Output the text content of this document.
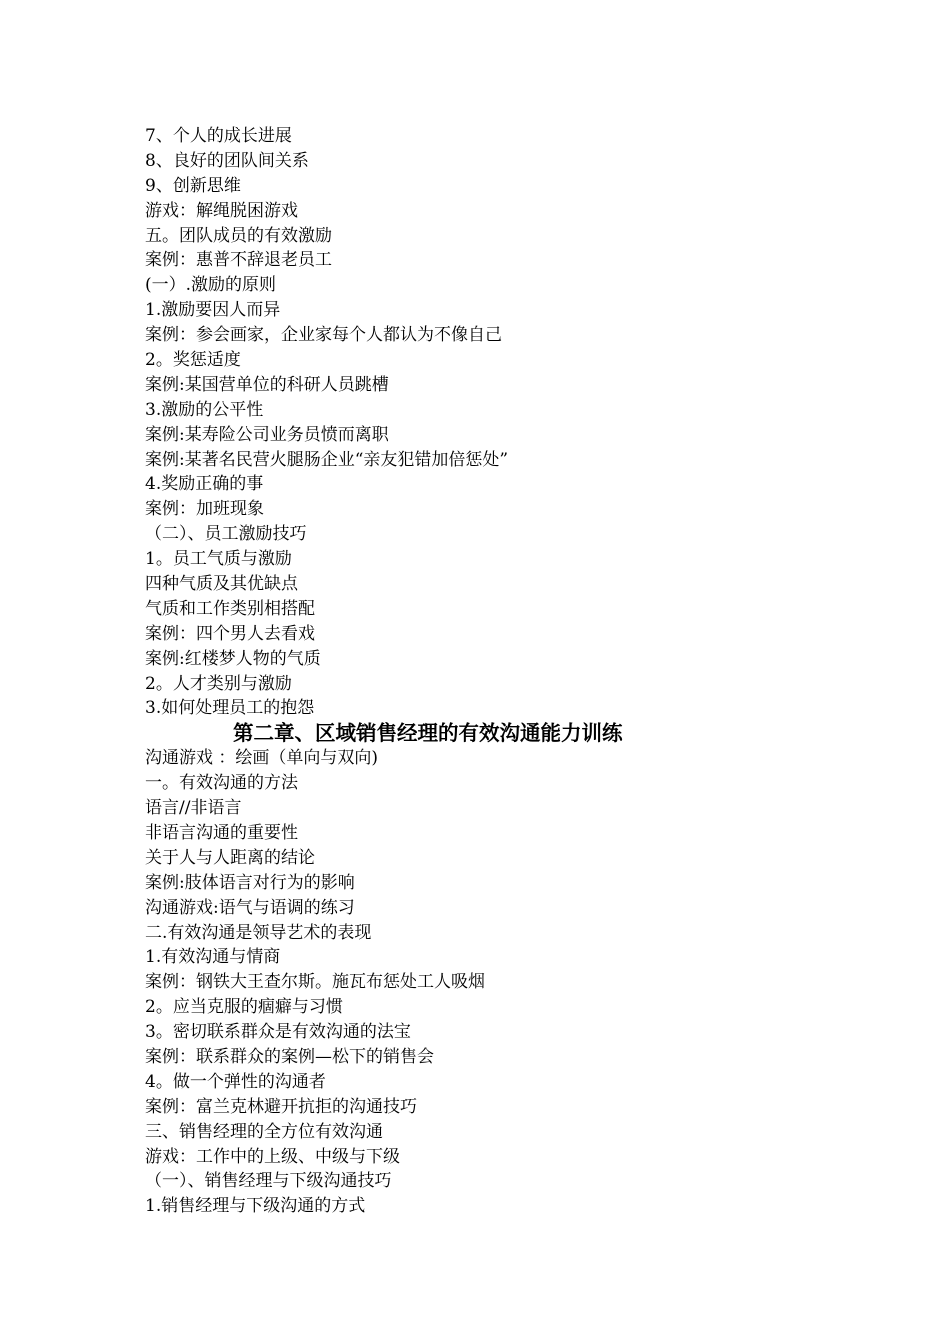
7、个人的成长进展
8、良好的团队间关系
9、创新思维
游戏：解绳脱困游戏
五。团队成员的有效激励
案例：惠普不辞退老员工
(一）.激励的原则
1.激励要因人而异
案例：参会画家，企业家每个人都认为不像自己
2。奖惩适度
案例:某国营单位的科研人员跳槽
3.激励的公平性
案例:某寿险公司业务员愤而离职
案例:某著名民营火腿肠企业“亲友犯错加倍惩处”
4.奖励正确的事
案例：加班现象
（二）、员工激励技巧
1。员工气质与激励
四种气质及其优缺点
气质和工作类别相搭配
案例：四个男人去看戏
案例:红楼梦人物的气质
2。人才类别与激励
3.如何处理员工的抱怨
第二章、区域销售经理的有效沟通能力训练
沟通游戏 ：绘画（单向与双向)
一。有效沟通的方法
语言//非语言
非语言沟通的重要性
关于人与人距离的结论
案例:肢体语言对行为的影响
沟通游戏:语气与语调的练习
二.有效沟通是领导艺术的表现
1.有效沟通与情商
案例：钢铁大王查尔斯。施瓦布惩处工人吸烟
2。应当克服的痼癖与习惯
3。密切联系群众是有效沟通的法宝
案例：联系群众的案例—松下的销售会
4。做一个弹性的沟通者
案例：富兰克林避开抗拒的沟通技巧
三、销售经理的全方位有效沟通
游戏：工作中的上级、中级与下级
（一）、销售经理与下级沟通技巧
1.销售经理与下级沟通的方式
